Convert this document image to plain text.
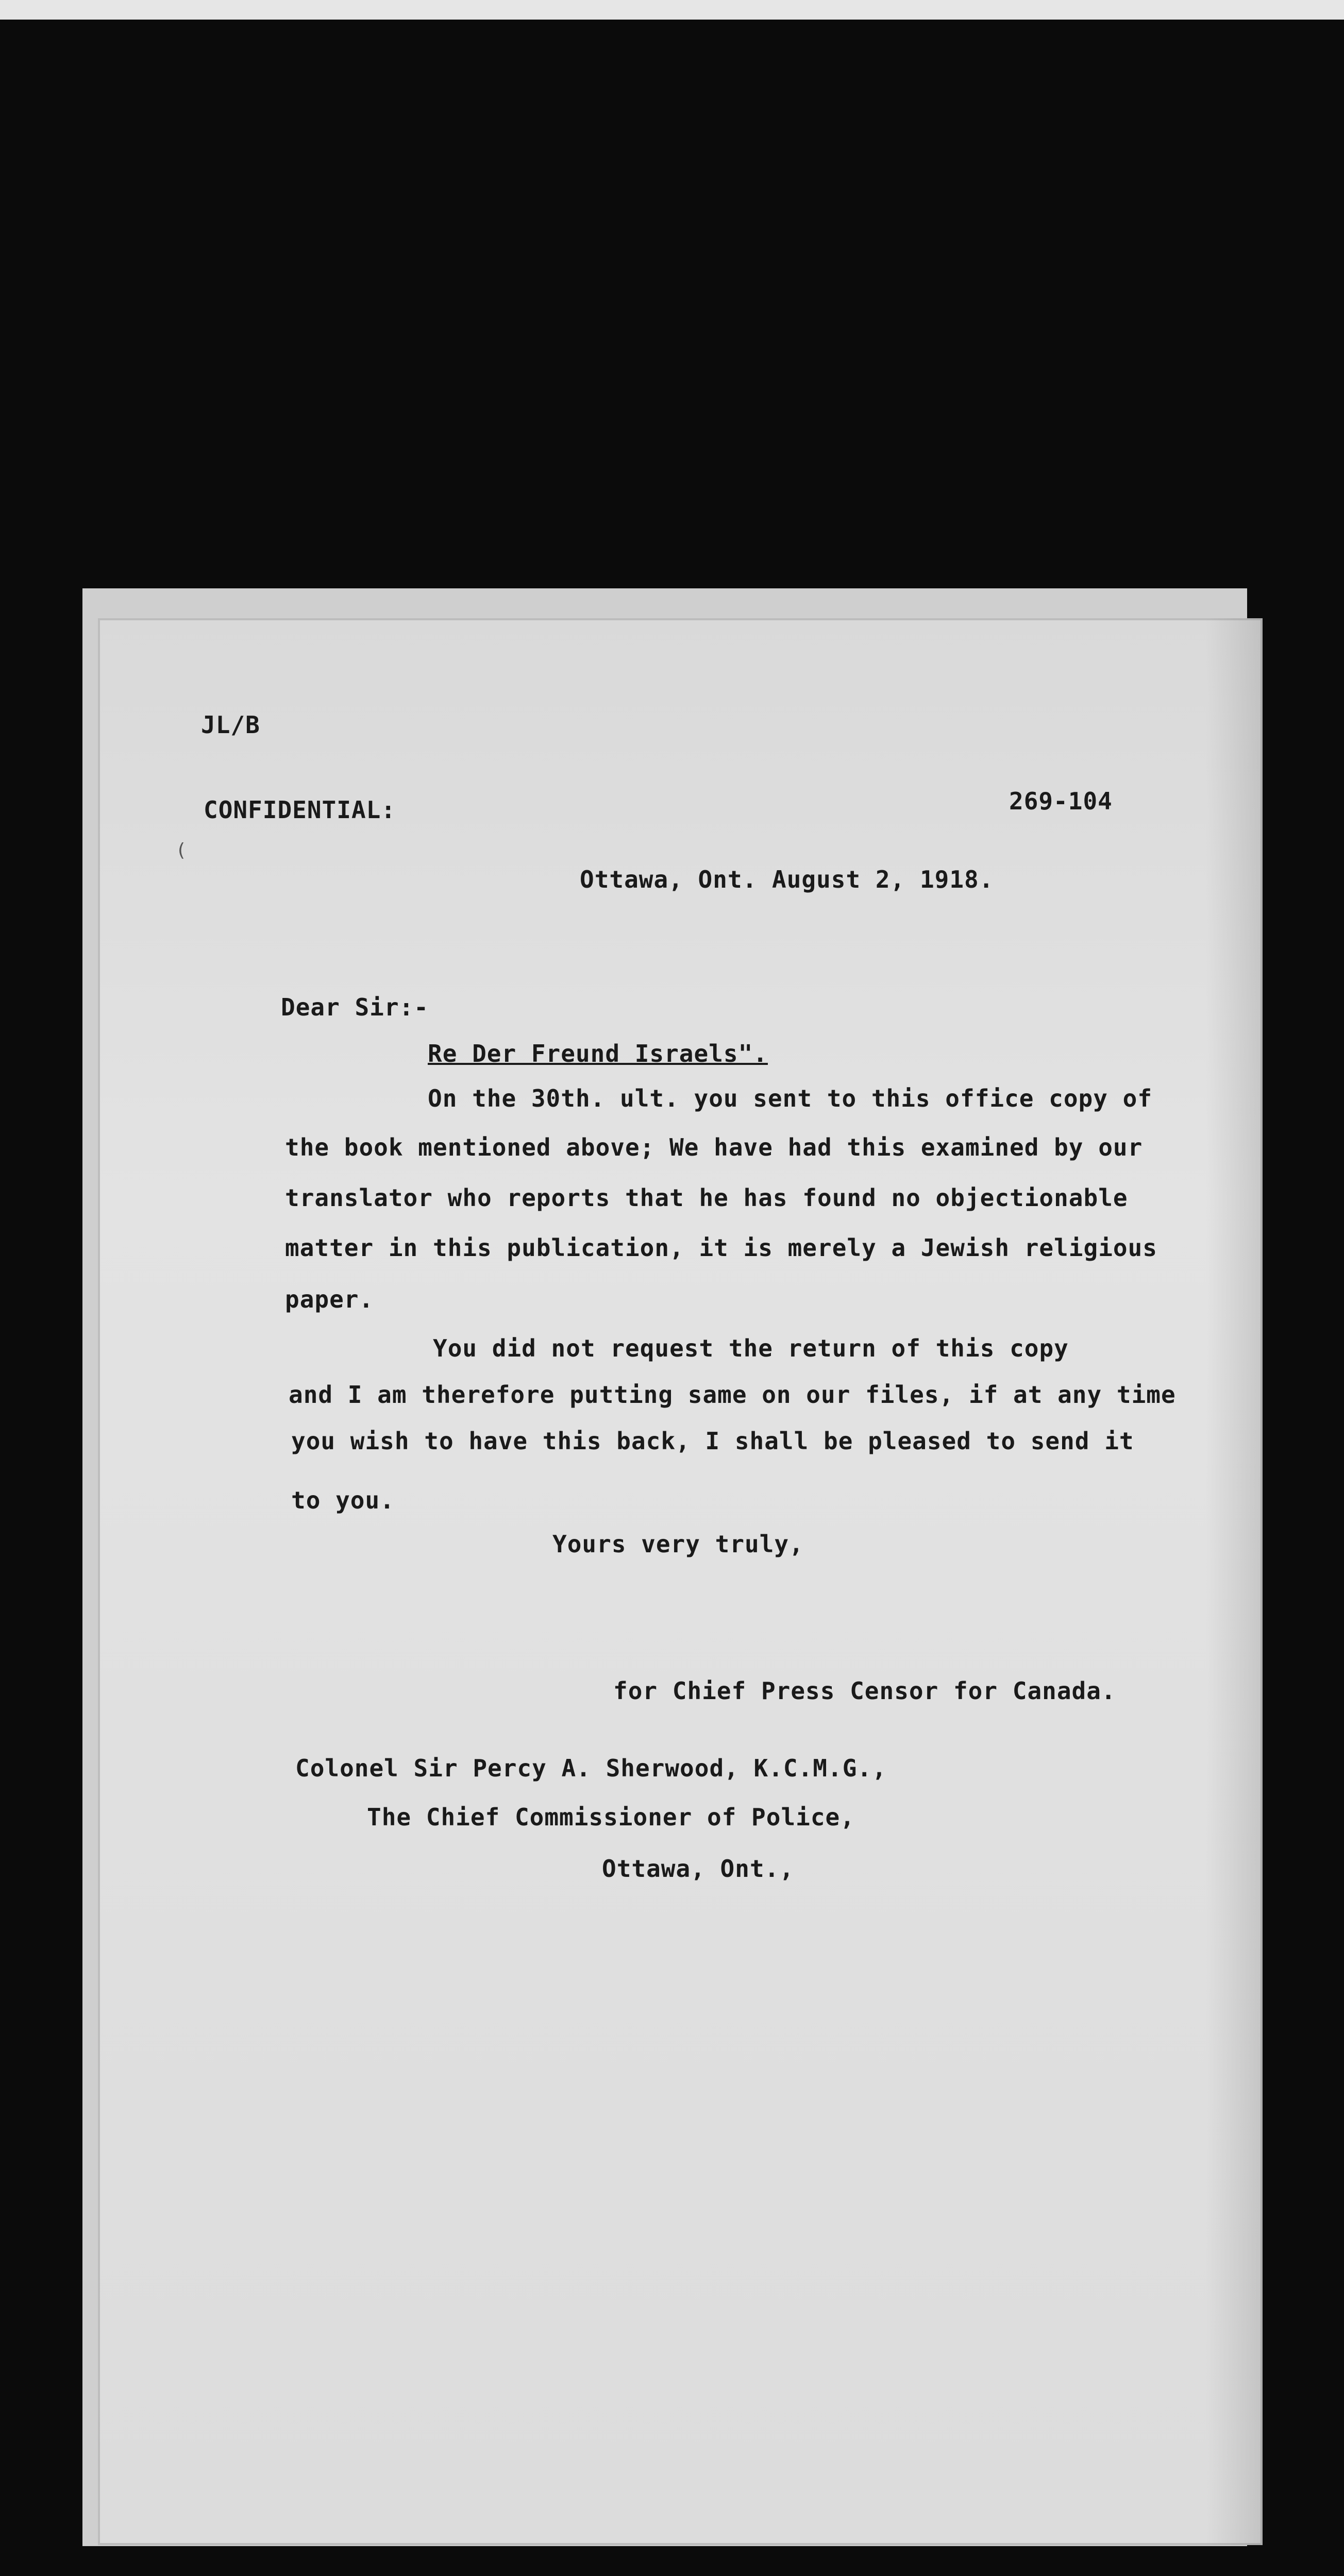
JL/B
CONFIDENTIAL:	269-104
(
Ottawa, Ont. August 2, 1918.
Dear Sir:-
Re Der Freund Israels".
On the 30th. ult. you sent to this office copy of
the book mentioned above; We have had this examined by our
translator who reports that he has found no objectionable
matter in this publication, it is merely a Jewish religious
paper.
You did not request the return of this copy
and I am therefore putting same on our files, if at any time
you wish to have this back, I shall be pleased to send it
to you.
Yours very truly,
for Chief Press Censor for Canada.
Colonel Sir Percy A. Sherwood, K.C.M.G.,
The Chief Commissioner of Police,
Ottawa, Ont.,
